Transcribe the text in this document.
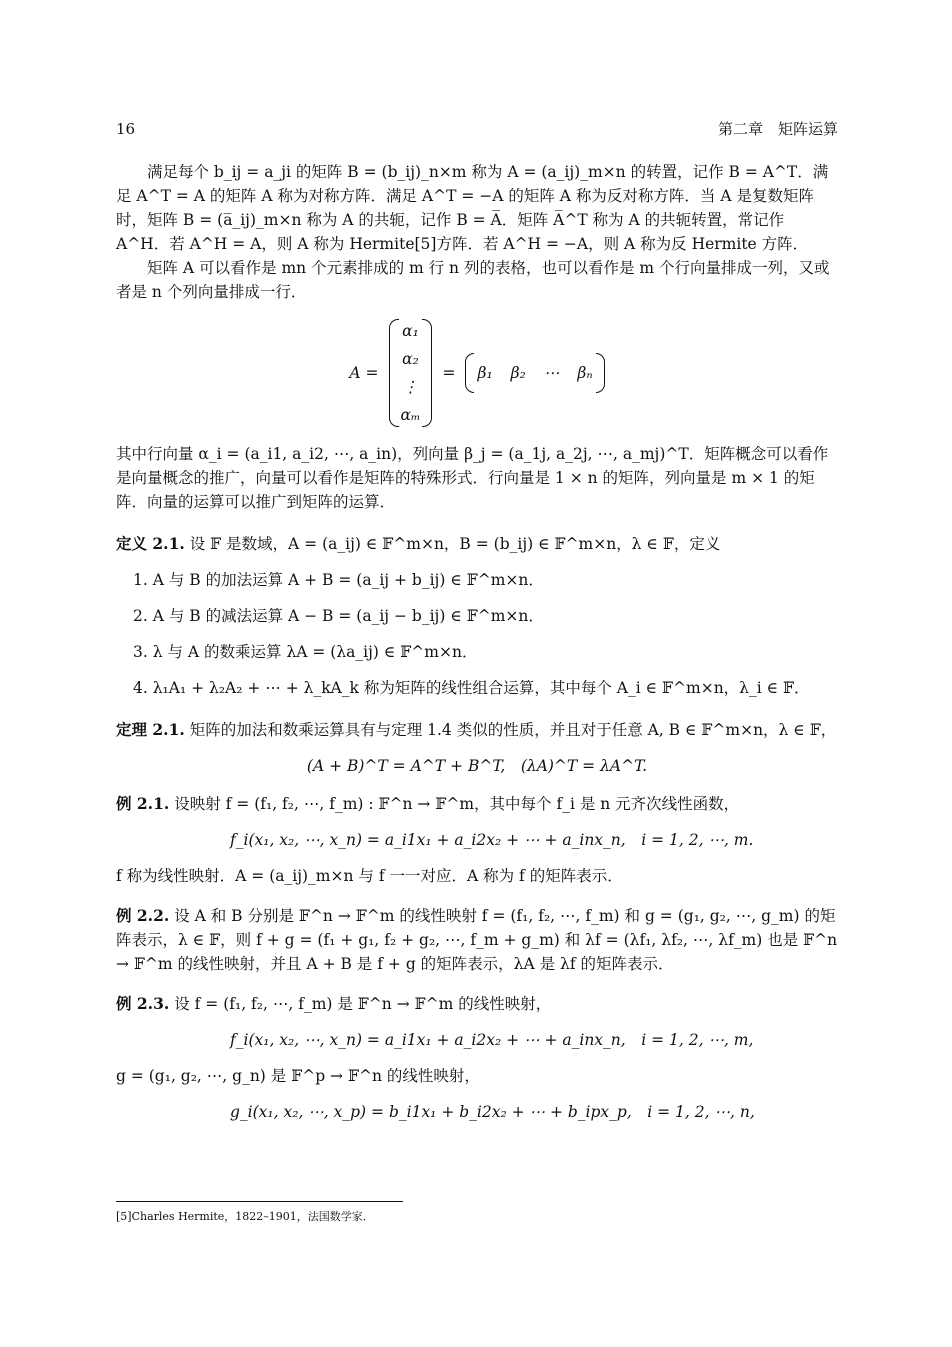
16	第二章　矩阵运算

满足每个 b_ij = a_ji 的矩阵 B = (b_ij)_n×m 称为 A = (a_ij)_m×n 的转置，记作 B = A^T．满足 A^T = A 的矩阵 A 称为对称方阵．满足 A^T = −A 的矩阵 A 称为反对称方阵．当 A 是复数矩阵时，矩阵 B = (a̅_ij)_m×n 称为 A 的共轭，记作 B = A̅．矩阵 A̅^T 称为 A 的共轭转置，常记作 A^H．若 A^H = A，则 A 称为 Hermite[5]方阵．若 A^H = −A，则 A 称为反 Hermite 方阵．

矩阵 A 可以看作是 mn 个元素排成的 m 行 n 列的表格，也可以看作是 m 个行向量排成一列，又或者是 n 个列向量排成一行．

A =
α₁
α₂
⋮
αₘ
= β₁ β₂ ⋯ βₙ

其中行向量 α_i = (a_i1, a_i2, ⋯, a_in)，列向量 β_j = (a_1j, a_2j, ⋯, a_mj)^T．矩阵概念可以看作是向量概念的推广，向量可以看作是矩阵的特殊形式．行向量是 1 × n 的矩阵，列向量是 m × 1 的矩阵．向量的运算可以推广到矩阵的运算．

定义 2.1. 设 𝔽 是数域，A = (a_ij) ∈ 𝔽^m×n，B = (b_ij) ∈ 𝔽^m×n，λ ∈ 𝔽，定义

1. A 与 B 的加法运算 A + B = (a_ij + b_ij) ∈ 𝔽^m×n．

2. A 与 B 的减法运算 A − B = (a_ij − b_ij) ∈ 𝔽^m×n．

3. λ 与 A 的数乘运算 λA = (λa_ij) ∈ 𝔽^m×n．

4. λ₁A₁ + λ₂A₂ + ⋯ + λ_kA_k 称为矩阵的线性组合运算，其中每个 A_i ∈ 𝔽^m×n，λ_i ∈ 𝔽．

定理 2.1. 矩阵的加法和数乘运算具有与定理 1.4 类似的性质，并且对于任意 A, B ∈ 𝔽^m×n，λ ∈ 𝔽，

(A + B)^T = A^T + B^T,　(λA)^T = λA^T.

例 2.1. 设映射 f = (f₁, f₂, ⋯, f_m) : 𝔽^n → 𝔽^m，其中每个 f_i 是 n 元齐次线性函数，

f_i(x₁, x₂, ⋯, x_n) = a_i1x₁ + a_i2x₂ + ⋯ + a_inx_n,　i = 1, 2, ⋯, m.

f 称为线性映射．A = (a_ij)_m×n 与 f 一一对应．A 称为 f 的矩阵表示．

例 2.2. 设 A 和 B 分别是 𝔽^n → 𝔽^m 的线性映射 f = (f₁, f₂, ⋯, f_m) 和 g = (g₁, g₂, ⋯, g_m) 的矩阵表示，λ ∈ 𝔽，则 f + g = (f₁ + g₁, f₂ + g₂, ⋯, f_m + g_m) 和 λf = (λf₁, λf₂, ⋯, λf_m) 也是 𝔽^n → 𝔽^m 的线性映射，并且 A + B 是 f + g 的矩阵表示，λA 是 λf 的矩阵表示．

例 2.3. 设 f = (f₁, f₂, ⋯, f_m) 是 𝔽^n → 𝔽^m 的线性映射，

f_i(x₁, x₂, ⋯, x_n) = a_i1x₁ + a_i2x₂ + ⋯ + a_inx_n,　i = 1, 2, ⋯, m,

g = (g₁, g₂, ⋯, g_n) 是 𝔽^p → 𝔽^n 的线性映射，

g_i(x₁, x₂, ⋯, x_p) = b_i1x₁ + b_i2x₂ + ⋯ + b_ipx_p,　i = 1, 2, ⋯, n,

[5]Charles Hermite，1822–1901，法国数学家．
